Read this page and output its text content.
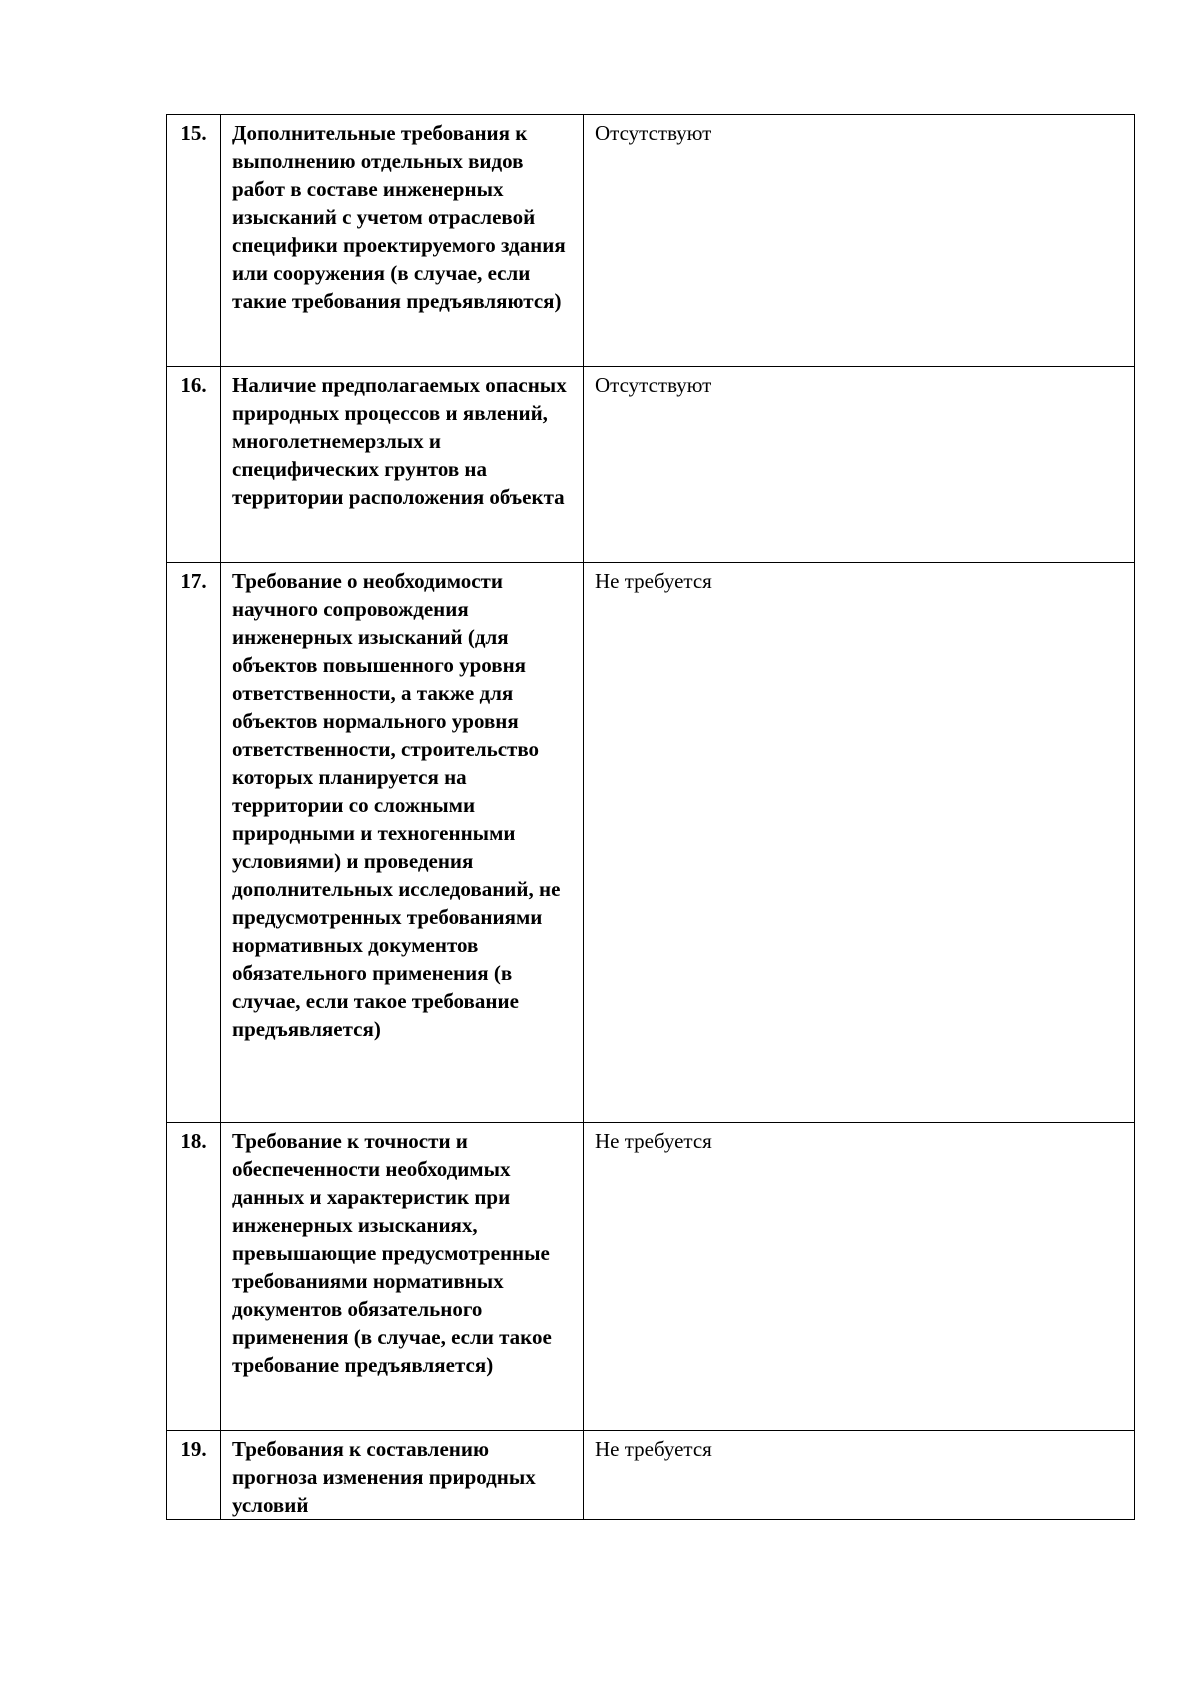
15.	Дополнительные требования к выполнению отдельных видов работ в составе инженерных изысканий с учетом отраслевой специфики проектируемого здания или сооружения (в случае, если такие требования предъявляются)	Отсутствуют
16.	Наличие предполагаемых опасных природных процессов и явлений, многолетнемерзлых и специфических грунтов на территории расположения объекта	Отсутствуют
17.	Требование о необходимости научного сопровождения инженерных изысканий (для объектов повышенного уровня ответственности, а также для объектов нормального уровня ответственности, строительство которых планируется на территории со сложными природными и техногенными условиями) и проведения дополнительных исследований, не предусмотренных требованиями нормативных документов обязательного применения (в случае, если такое требование предъявляется)	Не требуется
18.	Требование к точности и обеспеченности необходимых данных и характеристик при инженерных изысканиях, превышающие предусмотренные требованиями нормативных документов обязательного применения (в случае, если такое требование предъявляется)	Не требуется
19.	Требования к составлению прогноза изменения природных условий	Не требуется
